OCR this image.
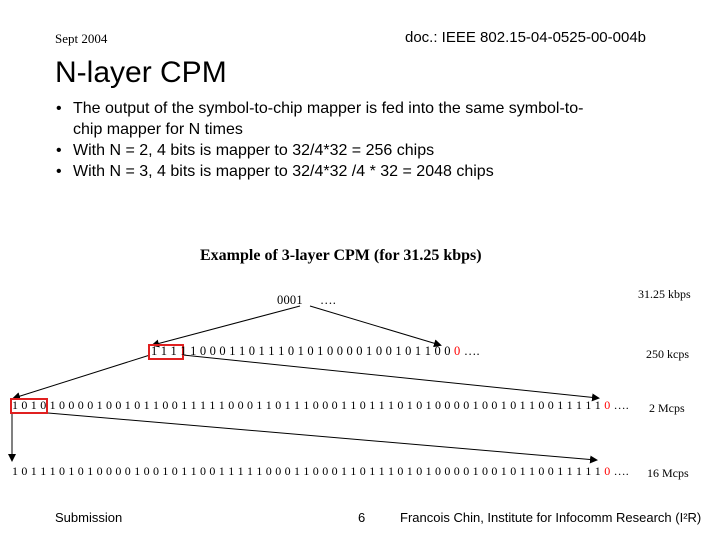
Sept 2004	doc.: IEEE 802.15-04-0525-00-004b
N-layer CPM
• The output of the symbol-to-chip mapper is fed into the same symbol-to-
chip mapper for N times
• With N = 2, 4 bits is mapper to 32/4*32 = 256 chips
• With N = 3, 4 bits is mapper to 32/4*32 /4 * 32 = 2048 chips
Example of 3-layer CPM (for 31.25 kbps)
0001 ….	31.25 kbps
1 1 1 1 1 0 0 0 1 1 0 1 1 1 0 1 0 1 0 0 0 0 1 0 0 1 0 1 1 0 0 0 ….	250 kcps
1 0 1 0 1 0 0 0 0 1 0 0 1 0 1 1 0 0 1 1 1 1 1 0 0 0 1 1 0 1 1 1 0 0 0 1 1 0 1 1 1 0 1 0 1 0 0 0 0 1 0 0 1 0 1 1 0 0 1 1 1 1 1 0 …. 2 Mcps
1 0 1 1 1 0 1 0 1 0 0 0 0 1 0 0 1 0 1 1 0 0 1 1 1 1 1 0 0 0 1 1 0 0 0 1 1 0 1 1 1 0 1 0 1 0 0 0 0 1 0 0 1 0 1 1 0 0 1 1 1 1 1 0 …. 16 Mcps
Submission	6	Francois Chin, Institute for Infocomm Research (I²R)
